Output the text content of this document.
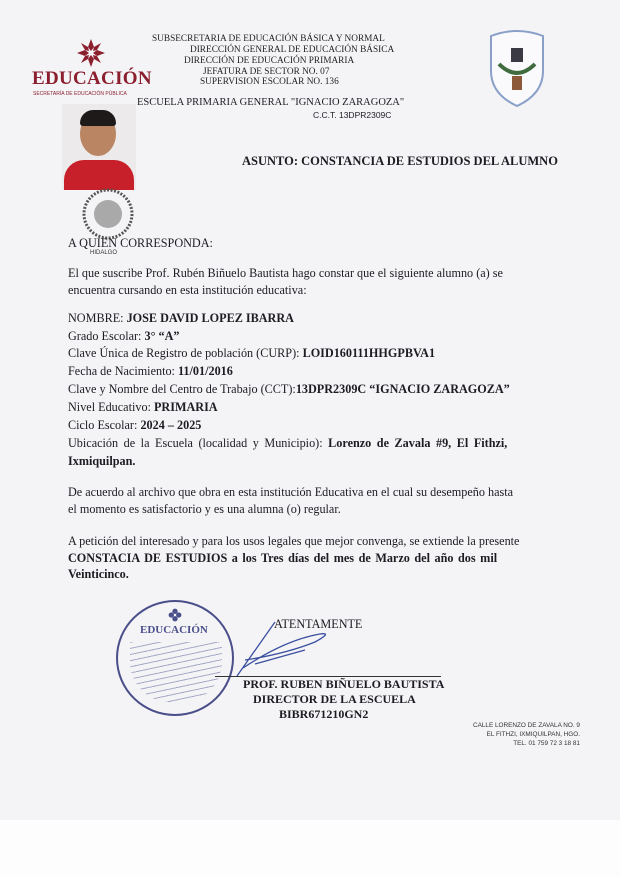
EDUCACIÓN
SECRETARÍA DE EDUCACIÓN PÚBLICA
SUBSECRETARIA DE EDUCACIÓN BÁSICA Y NORMAL
DIRECCIÓN GENERAL DE EDUCACIÓN BÁSICA
DIRECCIÓN DE EDUCACIÓN PRIMARIA
JEFATURA DE SECTOR NO. 07
SUPERVISION ESCOLAR NO. 136
ESCUELA PRIMARIA GENERAL "IGNACIO ZARAGOZA"
C.C.T. 13DPR2309C
HIDALGO
ASUNTO: CONSTANCIA DE ESTUDIOS DEL ALUMNO
A QUIEN CORRESPONDA:
El que suscribe Prof. Rubén Biñuelo Bautista hago constar que el siguiente alumno (a) se
encuentra cursando en esta institución educativa:
NOMBRE: JOSE DAVID LOPEZ IBARRA
Grado Escolar: 3° “A”
Clave Única de Registro de población (CURP): LOID160111HHGPBVA1
Fecha de Nacimiento: 11/01/2016
Clave y Nombre del Centro de Trabajo (CCT):13DPR2309C “IGNACIO ZARAGOZA”
Nivel Educativo: PRIMARIA
Ciclo Escolar: 2024 – 2025
Ubicación de la Escuela (localidad y Municipio): Lorenzo de Zavala #9, El Fithzi,
Ixmiquilpan.
De acuerdo al archivo que obra en esta institución Educativa en el cual su desempeño hasta
el momento es satisfactorio y es una alumna (o) regular.
A petición del interesado y para los usos legales que mejor convenga, se extiende la presente
CONSTACIA DE ESTUDIOS a los Tres días del mes de Marzo del año dos mil
Veinticinco.
EDUCACIÓN	ATENTAMENTE
PROF. RUBEN BIÑUELO BAUTISTA
DIRECTOR DE LA ESCUELA
BIBR671210GN2
CALLE LORENZO DE ZAVALA NO. 9
EL FITHZI, IXMIQUILPAN, HGO.
TEL. 01 759 72 3 18 81
